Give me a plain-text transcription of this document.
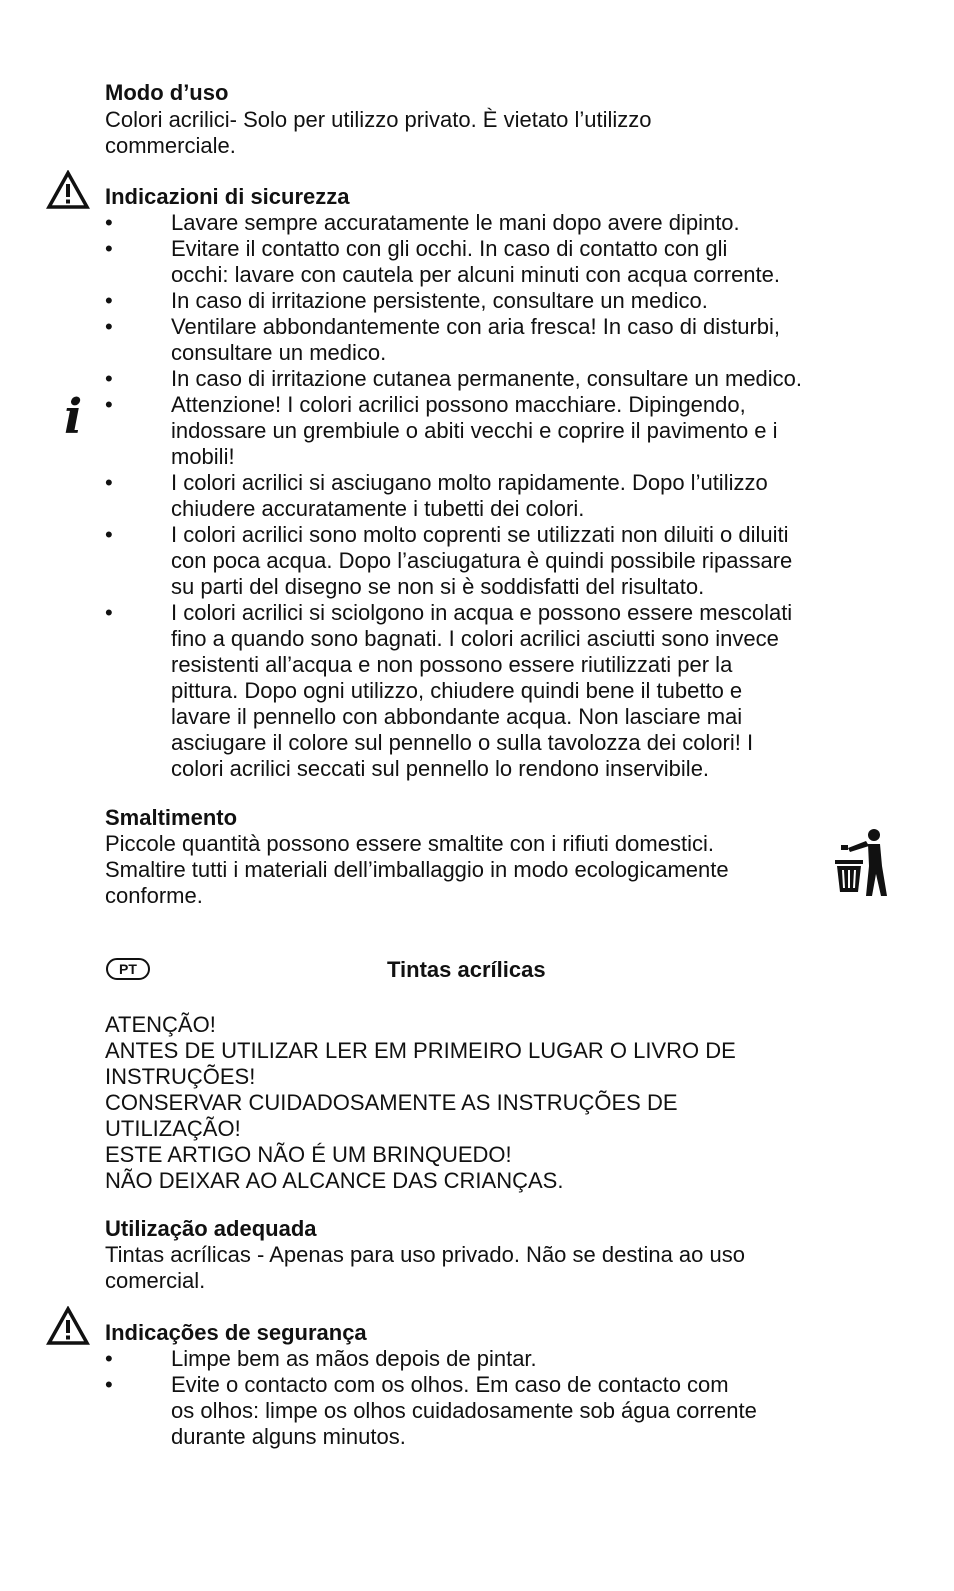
Modo d’uso
Colori acrilici- Solo per utilizzo privato. È vietato l’utilizzo
commerciale.
Indicazioni di sicurezza
i
•	Lavare sempre accuratamente le mani dopo avere dipinto.
•	Evitare il contatto con gli occhi. In caso di contatto con gli
occhi: lavare con cautela per alcuni minuti con acqua corrente.
•	In caso di irritazione persistente, consultare un medico.
•	Ventilare abbondantemente con aria fresca! In caso di disturbi,
consultare un medico.
•	In caso di irritazione cutanea permanente, consultare un medico.
•	Attenzione! I colori acrilici possono macchiare. Dipingendo,
indossare un grembiule o abiti vecchi e coprire il pavimento e i
mobili!
•	I colori acrilici si asciugano molto rapidamente. Dopo l’utilizzo
chiudere accuratamente i tubetti dei colori.
•	I colori acrilici sono molto coprenti se utilizzati non diluiti o diluiti
con poca acqua. Dopo l’asciugatura è quindi possibile ripassare
su parti del disegno se non si è soddisfatti del risultato.
•	I colori acrilici si sciolgono in acqua e possono essere mescolati
fino a quando sono bagnati. I colori acrilici asciutti sono invece
resistenti all’acqua e non possono essere riutilizzati per la
pittura. Dopo ogni utilizzo, chiudere quindi bene il tubetto e
lavare il pennello con abbondante acqua. Non lasciare mai
asciugare il colore sul pennello o sulla tavolozza dei colori! I
colori acrilici seccati sul pennello lo rendono inservibile.
Smaltimento
Piccole quantità possono essere smaltite con i rifiuti domestici.
Smaltire tutti i materiali dell’imballaggio in modo ecologicamente
conforme.
PT	Tintas acrílicas
ATENÇÃO!
ANTES DE UTILIZAR LER EM PRIMEIRO LUGAR O LIVRO DE
INSTRUÇÕES!
CONSERVAR CUIDADOSAMENTE AS INSTRUÇÕES DE
UTILIZAÇÃO!
ESTE ARTIGO NÃO É UM BRINQUEDO!
NÃO DEIXAR AO ALCANCE DAS CRIANÇAS.
Utilização adequada
Tintas acrílicas - Apenas para uso privado. Não se destina ao uso
comercial.
Indicações de segurança
•	Limpe bem as mãos depois de pintar.
•	Evite o contacto com os olhos. Em caso de contacto com
os olhos: limpe os olhos cuidadosamente sob água corrente
durante alguns minutos.
